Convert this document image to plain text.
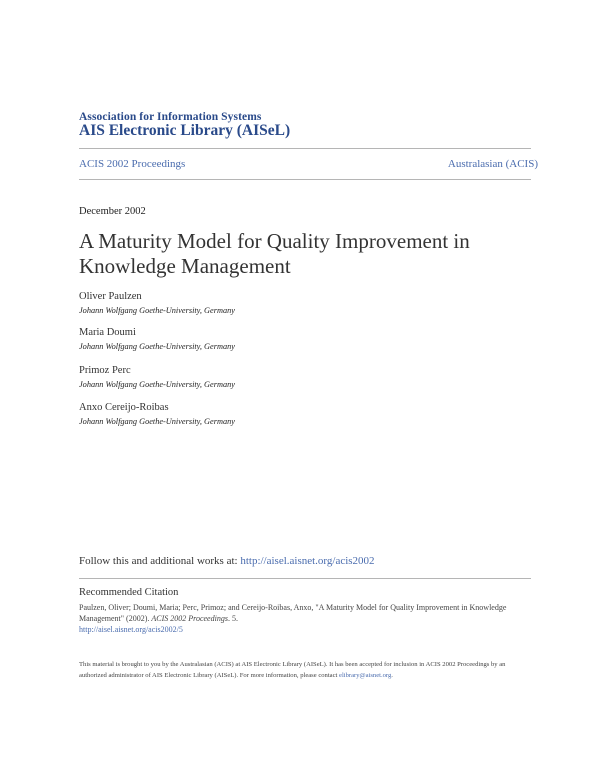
Association for Information Systems
AIS Electronic Library (AISeL)
ACIS 2002 Proceedings	Australasian (ACIS)
December 2002
A Maturity Model for Quality Improvement in Knowledge Management
Oliver Paulzen
Johann Wolfgang Goethe-University, Germany
Maria Doumi
Johann Wolfgang Goethe-University, Germany
Primoz Perc
Johann Wolfgang Goethe-University, Germany
Anxo Cereijo-Roibas
Johann Wolfgang Goethe-University, Germany
Follow this and additional works at: http://aisel.aisnet.org/acis2002
Recommended Citation
Paulzen, Oliver; Doumi, Maria; Perc, Primoz; and Cereijo-Roibas, Anxo, "A Maturity Model for Quality Improvement in Knowledge Management" (2002). ACIS 2002 Proceedings. 5.
http://aisel.aisnet.org/acis2002/5
This material is brought to you by the Australasian (ACIS) at AIS Electronic Library (AISeL). It has been accepted for inclusion in ACIS 2002 Proceedings by an authorized administrator of AIS Electronic Library (AISeL). For more information, please contact elibrary@aisnet.org.
